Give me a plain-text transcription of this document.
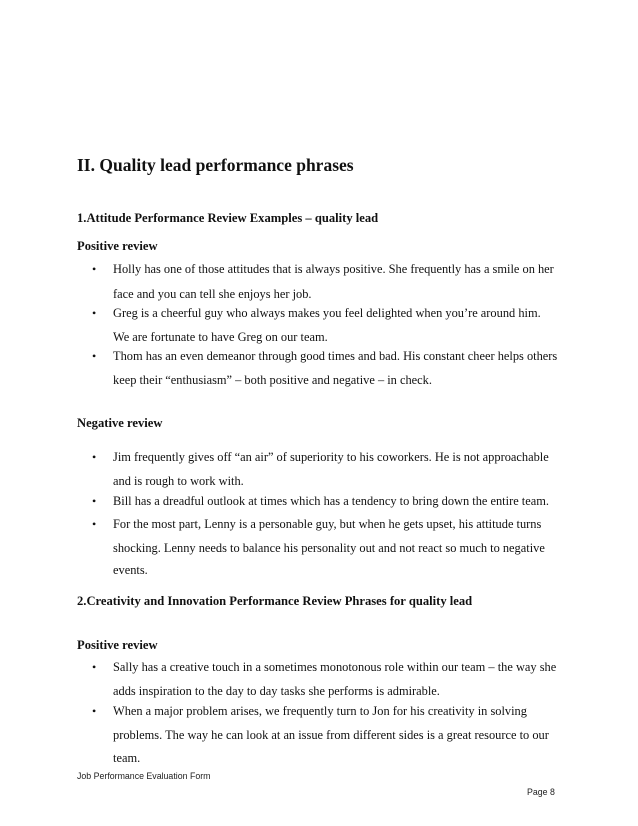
II. Quality lead performance phrases
1.Attitude Performance Review Examples – quality lead
Positive review
• Holly has one of those attitudes that is always positive. She frequently has a smile on her
face and you can tell she enjoys her job.
• Greg is a cheerful guy who always makes you feel delighted when you’re around him.
We are fortunate to have Greg on our team.
• Thom has an even demeanor through good times and bad. His constant cheer helps others
keep their “enthusiasm” – both positive and negative – in check.
Negative review
• Jim frequently gives off “an air” of superiority to his coworkers. He is not approachable
and is rough to work with.
• Bill has a dreadful outlook at times which has a tendency to bring down the entire team.
• For the most part, Lenny is a personable guy, but when he gets upset, his attitude turns
shocking. Lenny needs to balance his personality out and not react so much to negative
events.
2.Creativity and Innovation Performance Review Phrases for quality lead
Positive review
• Sally has a creative touch in a sometimes monotonous role within our team – the way she
adds inspiration to the day to day tasks she performs is admirable.
• When a major problem arises, we frequently turn to Jon for his creativity in solving
problems. The way he can look at an issue from different sides is a great resource to our
team.
Job Performance Evaluation Form
Page 8
